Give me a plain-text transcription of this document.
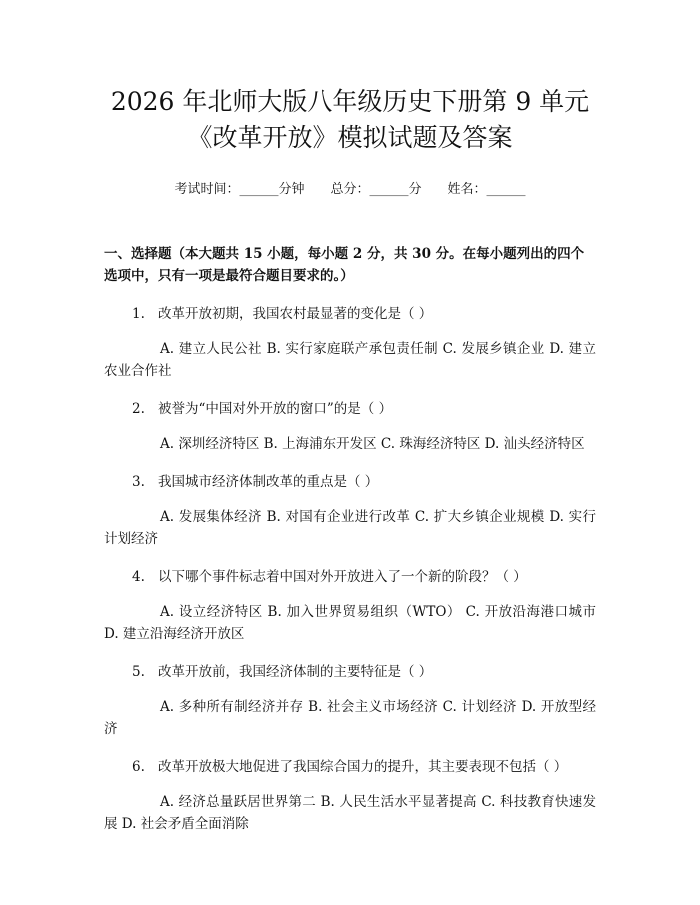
2026 年北师大版八年级历史下册第 9 单元
《改革开放》模拟试题及答案
考试时间：______分钟 总分：______分 姓名：______
一、选择题（本大题共 15 小题，每小题 2 分，共 30 分。在每小题列出的四个选项中，只有一项是最符合题目要求的。）
1. 改革开放初期，我国农村最显著的变化是（ ）
A. 建立人民公社 B. 实行家庭联产承包责任制 C. 发展乡镇企业 D. 建立农业合作社
2. 被誉为“中国对外开放的窗口”的是（ ）
A. 深圳经济特区 B. 上海浦东开发区 C. 珠海经济特区 D. 汕头经济特区
3. 我国城市经济体制改革的重点是（ ）
A. 发展集体经济 B. 对国有企业进行改革 C. 扩大乡镇企业规模 D. 实行计划经济
4. 以下哪个事件标志着中国对外开放进入了一个新的阶段？（ ）
A. 设立经济特区 B. 加入世界贸易组织（WTO） C. 开放沿海港口城市 D. 建立沿海经济开放区
5. 改革开放前，我国经济体制的主要特征是（ ）
A. 多种所有制经济并存 B. 社会主义市场经济 C. 计划经济 D. 开放型经济
6. 改革开放极大地促进了我国综合国力的提升，其主要表现不包括（ ）
A. 经济总量跃居世界第二 B. 人民生活水平显著提高 C. 科技教育快速发展 D. 社会矛盾全面消除
